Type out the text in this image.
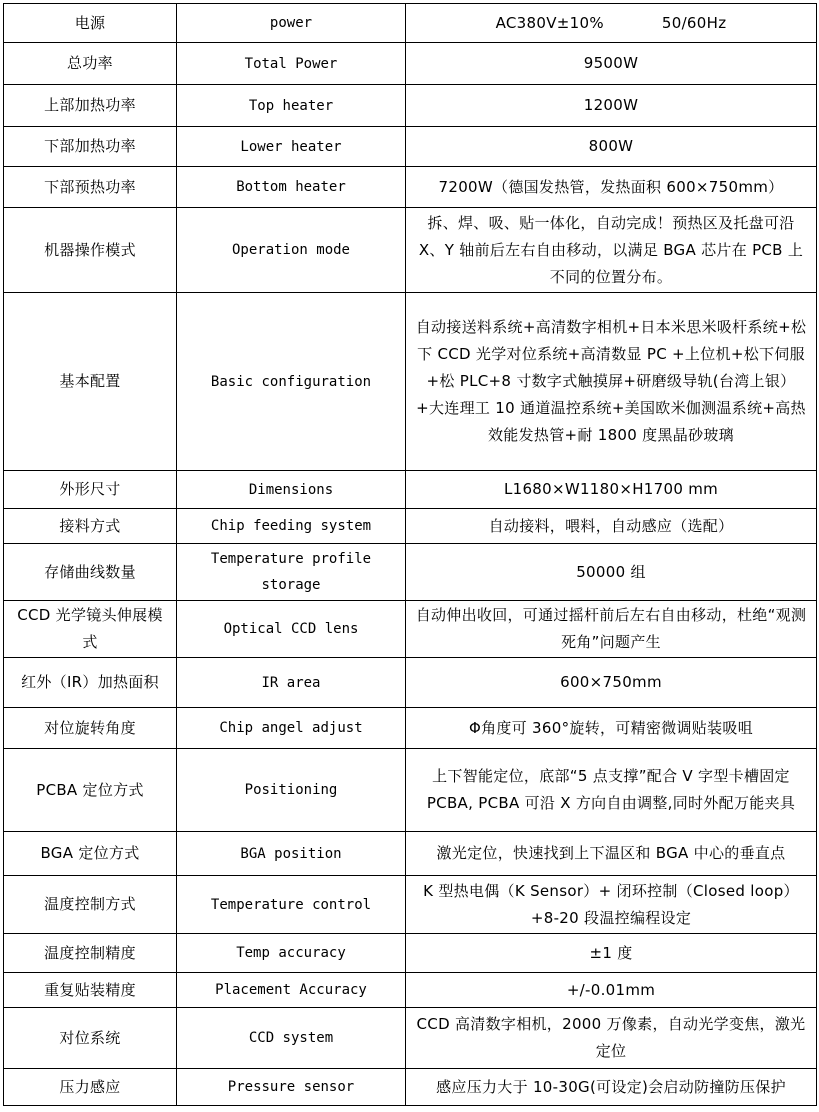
电源	power	AC380V±10% 50/60Hz
总功率	Total Power	9500W
上部加热功率	Top heater	1200W
下部加热功率	Lower heater	800W
下部预热功率	Bottom heater	7200W（德国发热管，发热面积 600×750mm）
机器操作模式	Operation mode	拆、焊、吸、贴一体化，自动完成！预热区及托盘可沿 X、Y 轴前后左右自由移动，以满足 BGA 芯片在 PCB 上不同的位置分布。
基本配置	Basic configuration	自动接送料系统+高清数字相机+日本米思米吸杆系统+松下 CCD 光学对位系统+高清数显 PC +上位机+松下伺服+松 PLC+8 寸数字式触摸屏+研磨级导轨(台湾上银）+大连理工 10 通道温控系统+美国欧米伽测温系统+高热效能发热管+耐 1800 度黑晶砂玻璃
外形尺寸	Dimensions	L1680×W1180×H1700 mm
接料方式	Chip feeding system	自动接料，喂料，自动感应（选配）
存储曲线数量	Temperature profile storage	50000 组
CCD 光学镜头伸展模式	Optical CCD lens	自动伸出收回，可通过摇杆前后左右自由移动，杜绝“观测死角”问题产生
红外（IR）加热面积	IR area	600×750mm
对位旋转角度	Chip angel adjust	Φ角度可 360°旋转，可精密微调贴装吸咀
PCBA 定位方式	Positioning	上下智能定位，底部“5 点支撑”配合 V 字型卡槽固定 PCBA, PCBA 可沿 X 方向自由调整,同时外配万能夹具
BGA 定位方式	BGA position	激光定位，快速找到上下温区和 BGA 中心的垂直点
温度控制方式	Temperature control	K 型热电偶（K Sensor）+ 闭环控制（Closed loop）+8-20 段温控编程设定
温度控制精度	Temp accuracy	±1 度
重复贴装精度	Placement Accuracy	+/-0.01mm
对位系统	CCD system	CCD 高清数字相机，2000 万像素，自动光学变焦，激光定位
压力感应	Pressure sensor	感应压力大于 10-30G(可设定)会启动防撞防压保护
